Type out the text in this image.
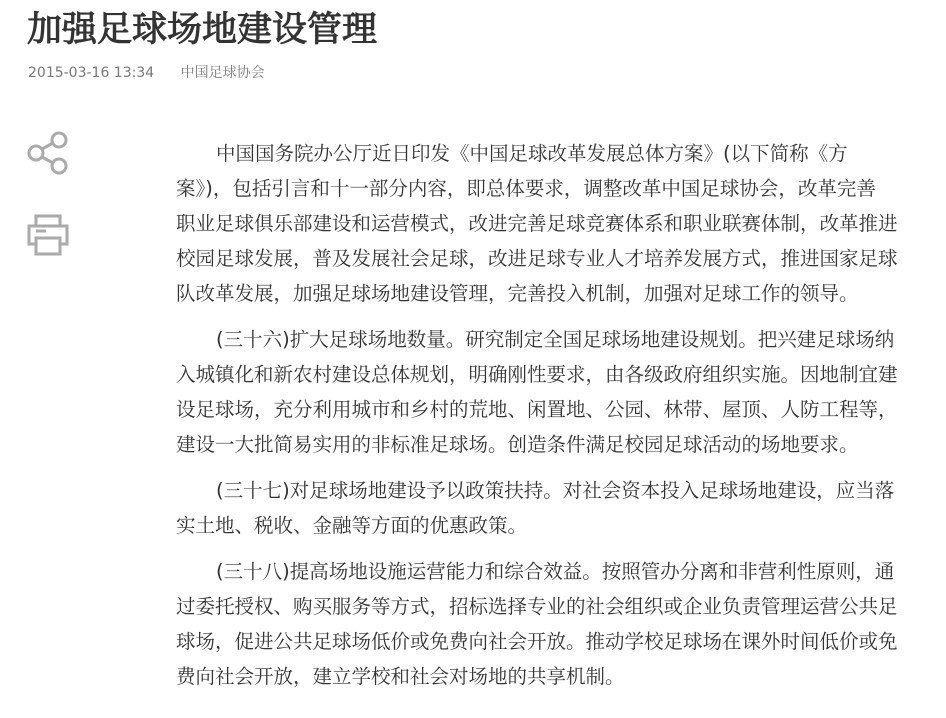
加强足球场地建设管理
2015-03-16 13:34 中国足球协会
中国国务院办公厅近日印发《中国足球改革发展总体方案》(以下简称《方
案》)，包括引言和十一部分内容，即总体要求，调整改革中国足球协会，改革完善
职业足球俱乐部建设和运营模式，改进完善足球竞赛体系和职业联赛体制，改革推进
校园足球发展，普及发展社会足球，改进足球专业人才培养发展方式，推进国家足球
队改革发展，加强足球场地建设管理，完善投入机制，加强对足球工作的领导。
(三十六)扩大足球场地数量。研究制定全国足球场地建设规划。把兴建足球场纳
入城镇化和新农村建设总体规划，明确刚性要求，由各级政府组织实施。因地制宜建
设足球场，充分利用城市和乡村的荒地、闲置地、公园、林带、屋顶、人防工程等，
建设一大批简易实用的非标准足球场。创造条件满足校园足球活动的场地要求。
(三十七)对足球场地建设予以政策扶持。对社会资本投入足球场地建设，应当落
实土地、税收、金融等方面的优惠政策。
(三十八)提高场地设施运营能力和综合效益。按照管办分离和非营利性原则，通
过委托授权、购买服务等方式，招标选择专业的社会组织或企业负责管理运营公共足
球场，促进公共足球场低价或免费向社会开放。推动学校足球场在课外时间低价或免
费向社会开放，建立学校和社会对场地的共享机制。
